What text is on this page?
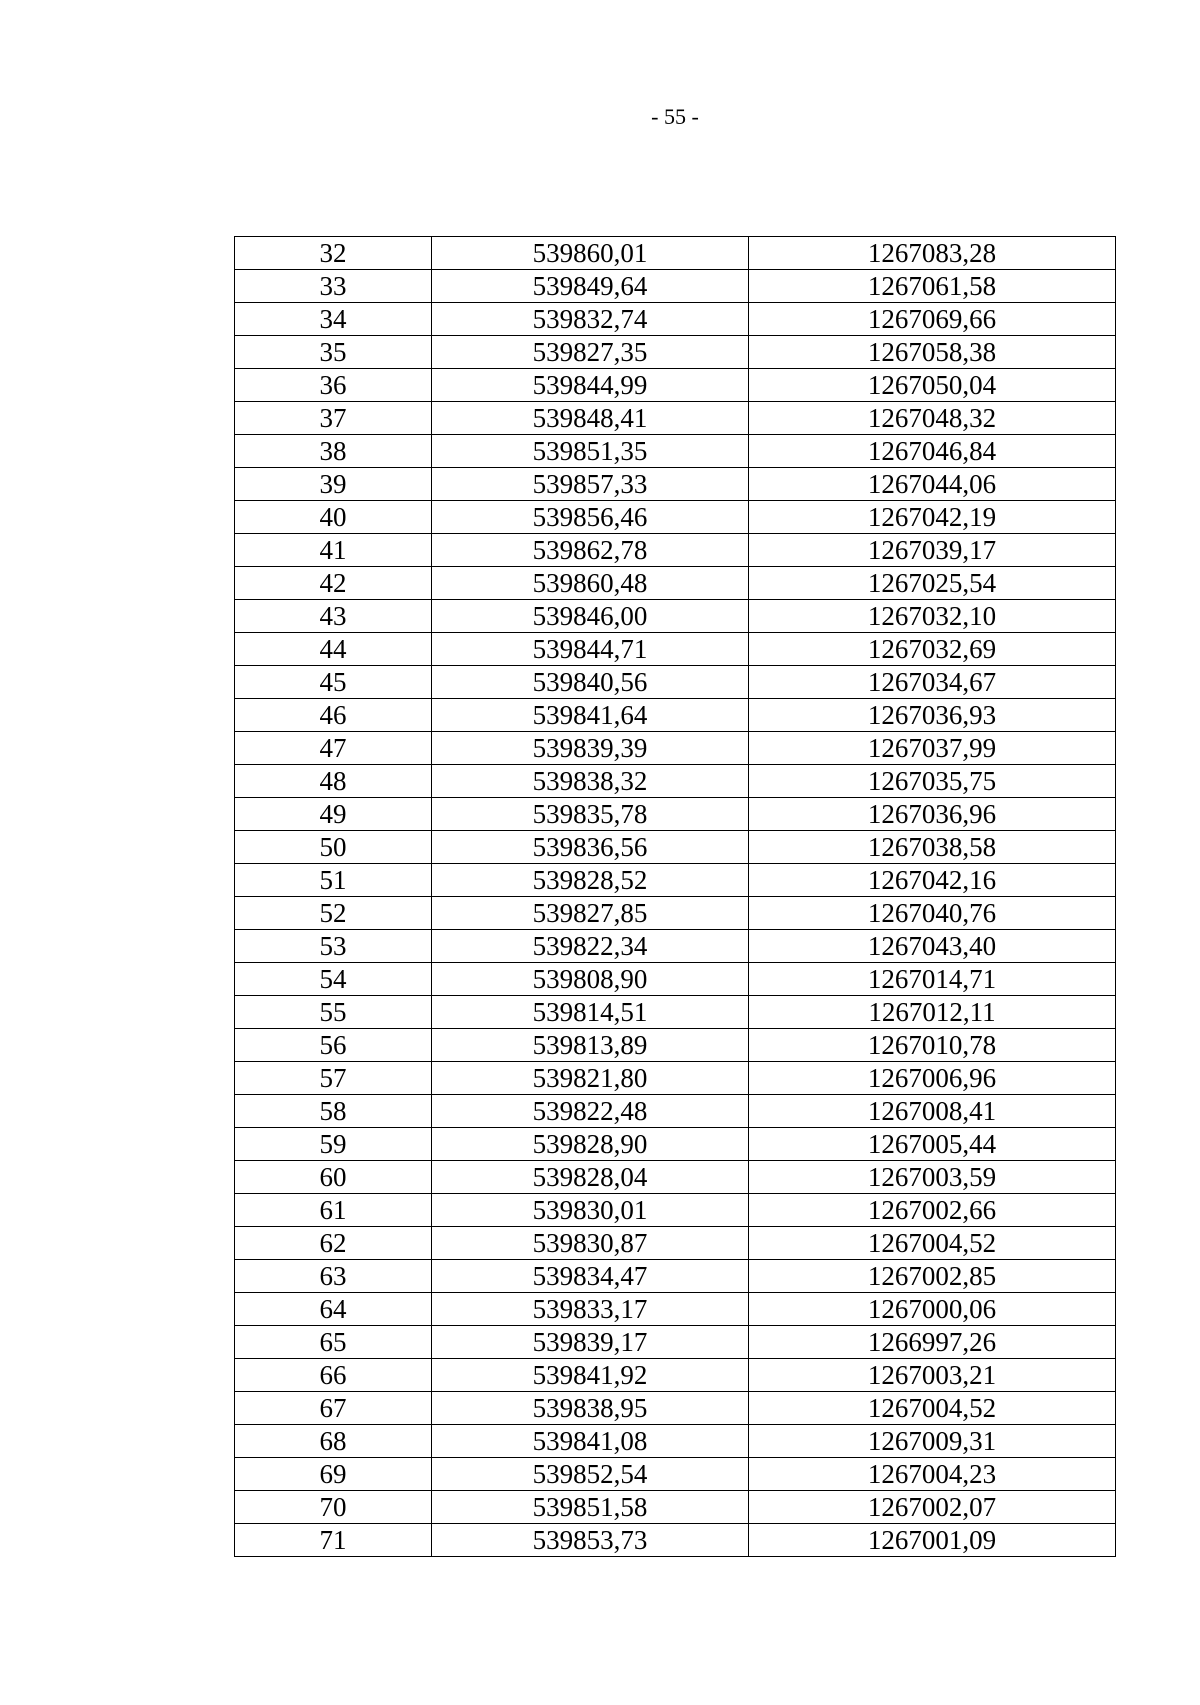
- 55 -
32	539860,01	1267083,28
33	539849,64	1267061,58
34	539832,74	1267069,66
35	539827,35	1267058,38
36	539844,99	1267050,04
37	539848,41	1267048,32
38	539851,35	1267046,84
39	539857,33	1267044,06
40	539856,46	1267042,19
41	539862,78	1267039,17
42	539860,48	1267025,54
43	539846,00	1267032,10
44	539844,71	1267032,69
45	539840,56	1267034,67
46	539841,64	1267036,93
47	539839,39	1267037,99
48	539838,32	1267035,75
49	539835,78	1267036,96
50	539836,56	1267038,58
51	539828,52	1267042,16
52	539827,85	1267040,76
53	539822,34	1267043,40
54	539808,90	1267014,71
55	539814,51	1267012,11
56	539813,89	1267010,78
57	539821,80	1267006,96
58	539822,48	1267008,41
59	539828,90	1267005,44
60	539828,04	1267003,59
61	539830,01	1267002,66
62	539830,87	1267004,52
63	539834,47	1267002,85
64	539833,17	1267000,06
65	539839,17	1266997,26
66	539841,92	1267003,21
67	539838,95	1267004,52
68	539841,08	1267009,31
69	539852,54	1267004,23
70	539851,58	1267002,07
71	539853,73	1267001,09
